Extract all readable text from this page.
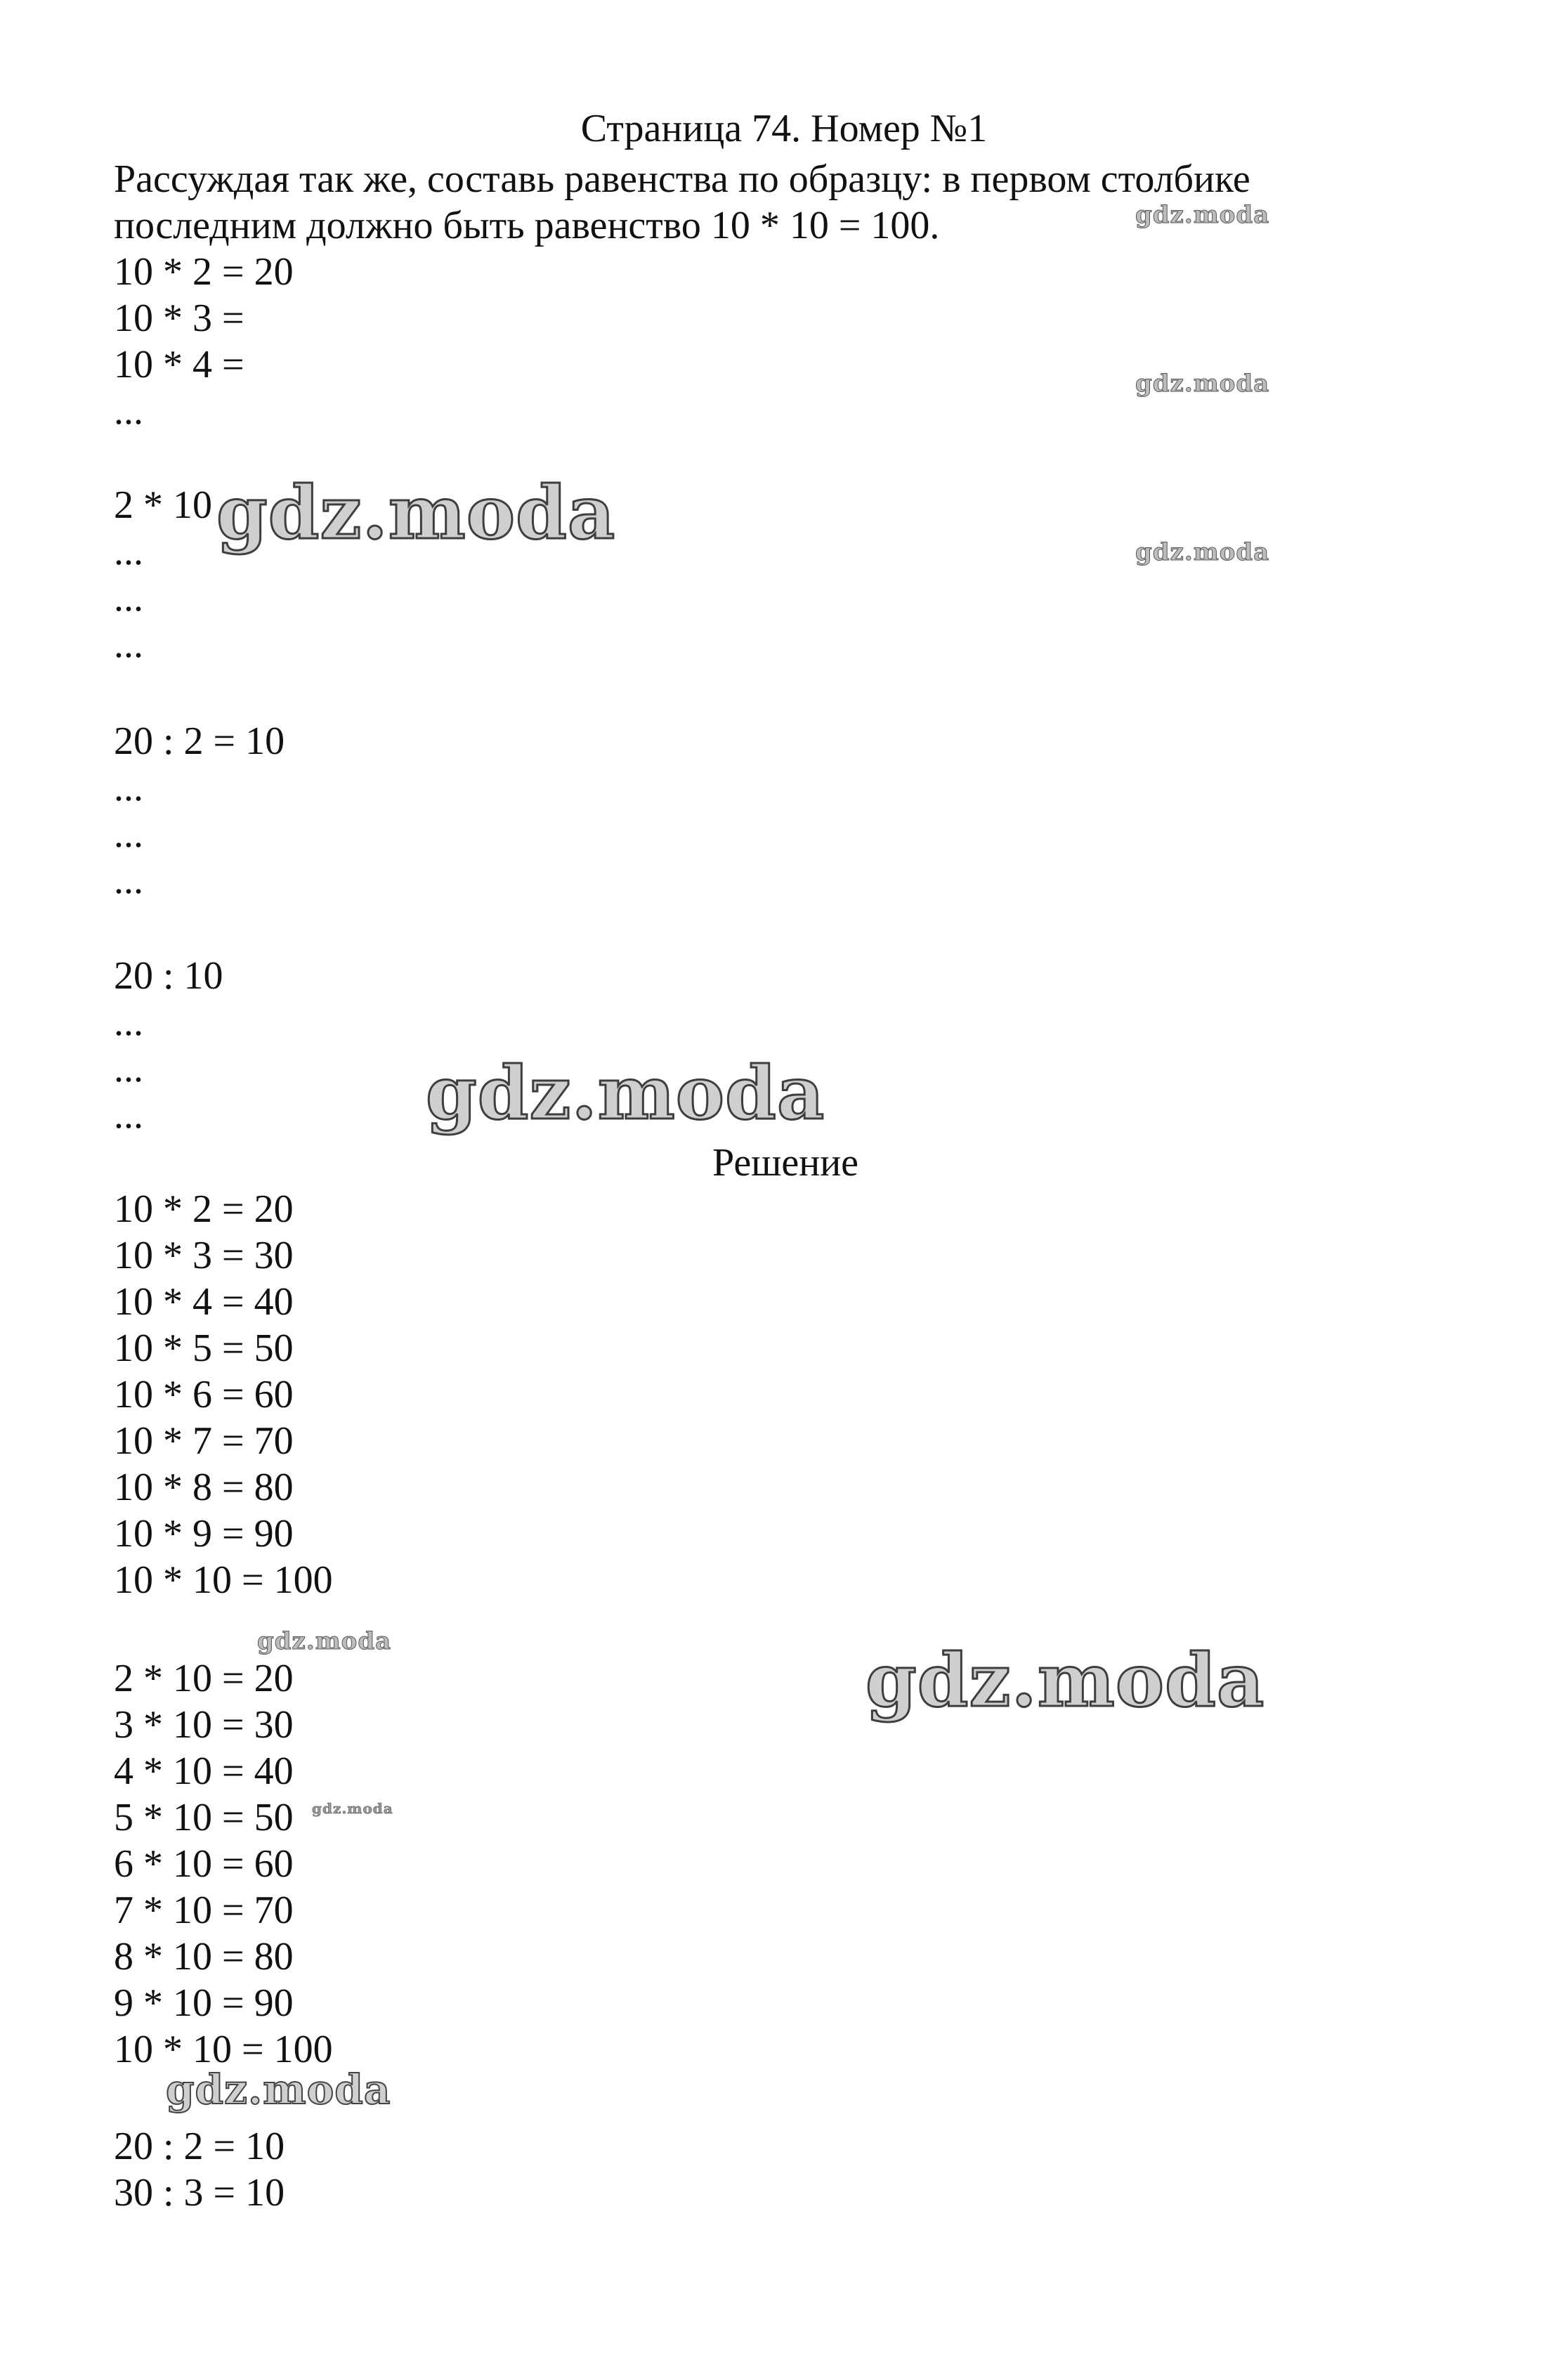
Страница 74. Номер №1
Рассуждая так же, составь равенства по образцу: в первом столбике
последним должно быть равенство 10 * 10 = 100.
10 * 2 = 20
10 * 3 =
10 * 4 =
...
2 * 10
...
...
...
20 : 2 = 10
...
...
...
20 : 10
...
...
...
Решение
10 * 2 = 20
10 * 3 = 30
10 * 4 = 40
10 * 5 = 50
10 * 6 = 60
10 * 7 = 70
10 * 8 = 80
10 * 9 = 90
10 * 10 = 100
2 * 10 = 20
3 * 10 = 30
4 * 10 = 40
5 * 10 = 50
6 * 10 = 60
7 * 10 = 70
8 * 10 = 80
9 * 10 = 90
10 * 10 = 100
20 : 2 = 10
30 : 3 = 10
gdz.moda
gdz.moda
gdz.moda
gdz.moda
gdz.moda
gdz.moda	gdz.moda
gdz.moda
gdz.moda
